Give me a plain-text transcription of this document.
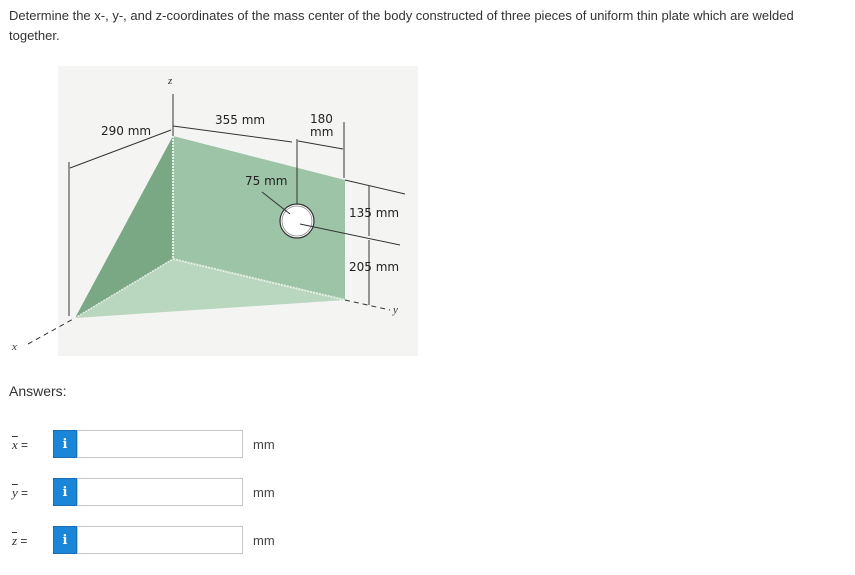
Determine the x-, y-, and z-coordinates of the mass center of the body constructed of three pieces of uniform thin plate which are welded together.
z
x
y
290 mm
355 mm	180
mm
75 mm
135 mm
205 mm
Answers:
$\overline{x}$ =	i	mm
$\overline{y}$ =	i	mm
$\overline{z}$ =	i	mm
